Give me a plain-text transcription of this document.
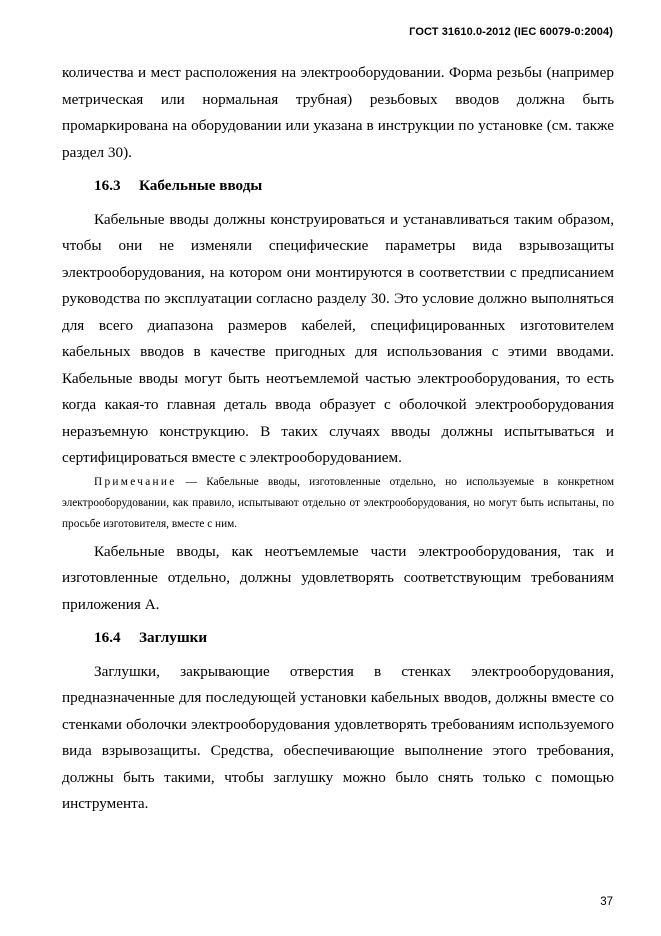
ГОСТ 31610.0-2012 (IEC 60079-0:2004)

количества и мест расположения на электрооборудовании. Форма резьбы (например метрическая или нормальная трубная) резьбовых вводов должна быть промаркирована на оборудовании или указана в инструкции по установке (см. также раздел 30).

16.3 Кабельные вводы

Кабельные вводы должны конструироваться и устанавливаться таким образом, чтобы они не изменяли специфические параметры вида взрывозащиты электрооборудования, на котором они монтируются в соответствии с предписанием руководства по эксплуатации согласно разделу 30. Это условие должно выполняться для всего диапазона размеров кабелей, специфицированных изготовителем кабельных вводов в качестве пригодных для использования с этими вводами. Кабельные вводы могут быть неотъемлемой частью электрооборудования, то есть когда какая-то главная деталь ввода образует с оболочкой электрооборудования неразъемную конструкцию. В таких случаях вводы должны испытываться и сертифицироваться вместе с электрооборудованием.

Примечание — Кабельные вводы, изготовленные отдельно, но используемые в конкретном электрооборудовании, как правило, испытывают отдельно от электрооборудования, но могут быть испытаны, по просьбе изготовителя, вместе с ним.

Кабельные вводы, как неотъемлемые части электрооборудования, так и изготовленные отдельно, должны удовлетворять соответствующим требованиям приложения А.

16.4 Заглушки

Заглушки, закрывающие отверстия в стенках электрооборудования, предназначенные для последующей установки кабельных вводов, должны вместе со стенками оболочки электрооборудования удовлетворять требованиям используемого вида взрывозащиты. Средства, обеспечивающие выполнение этого требования, должны быть такими, чтобы заглушку можно было снять только с помощью инструмента.

37
